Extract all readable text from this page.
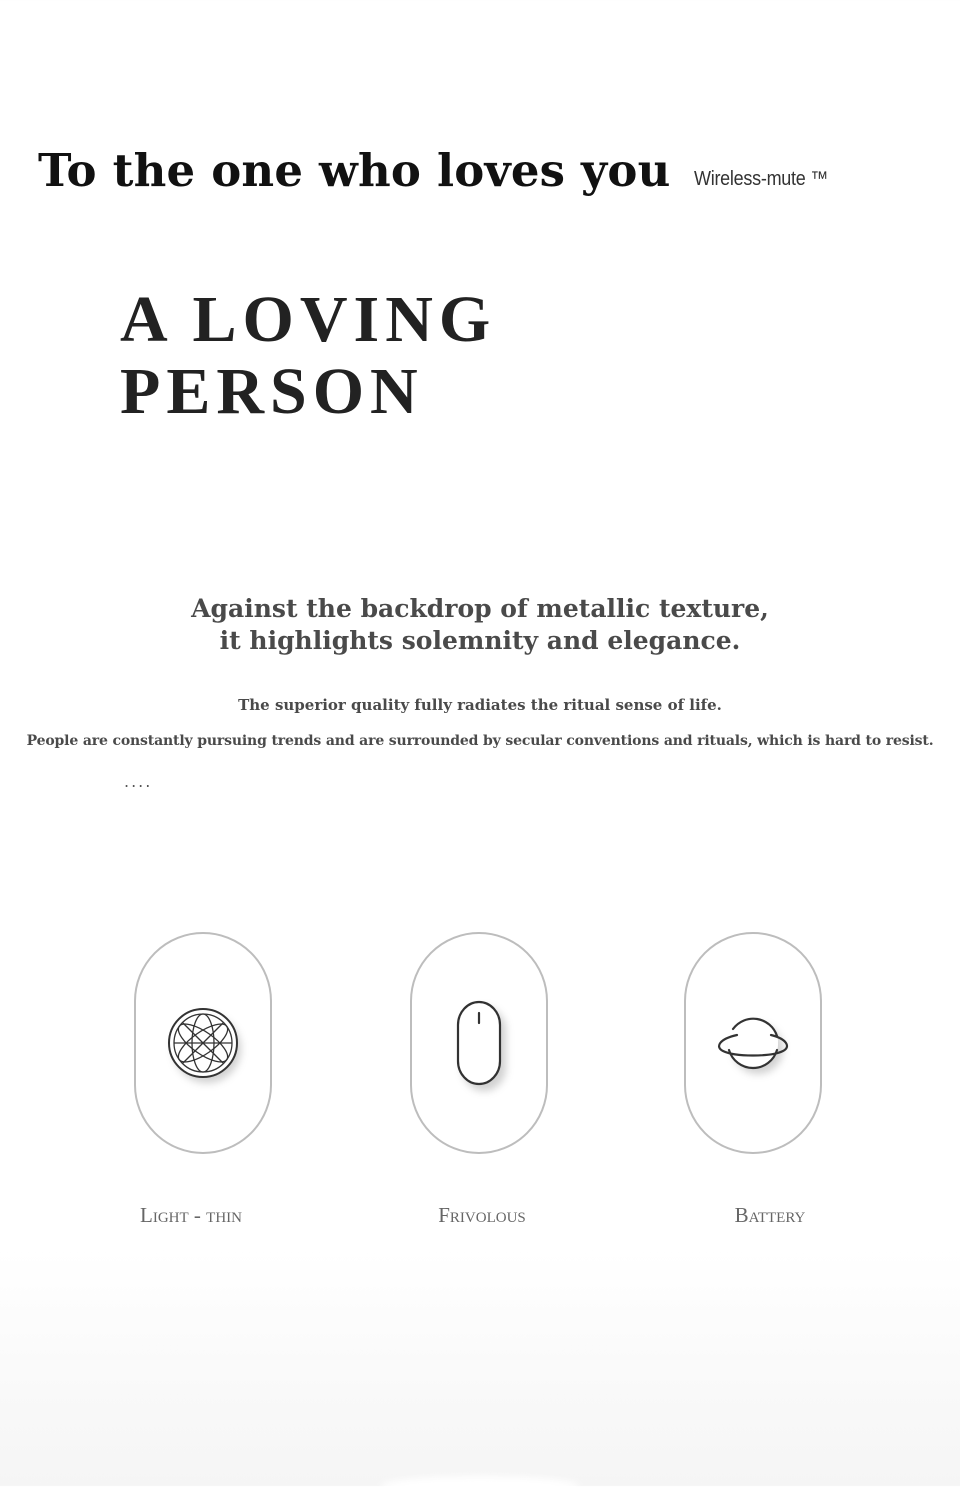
To the one who loves you Wireless-mute ™
A LOVING
PERSON
Against the backdrop of metallic texture,
it highlights solemnity and elegance.
The superior quality fully radiates the ritual sense of life.
People are constantly pursuing trends and are surrounded by secular conventions and rituals, which is hard to resist.
....
Light - thin	Frivolous	Battery
